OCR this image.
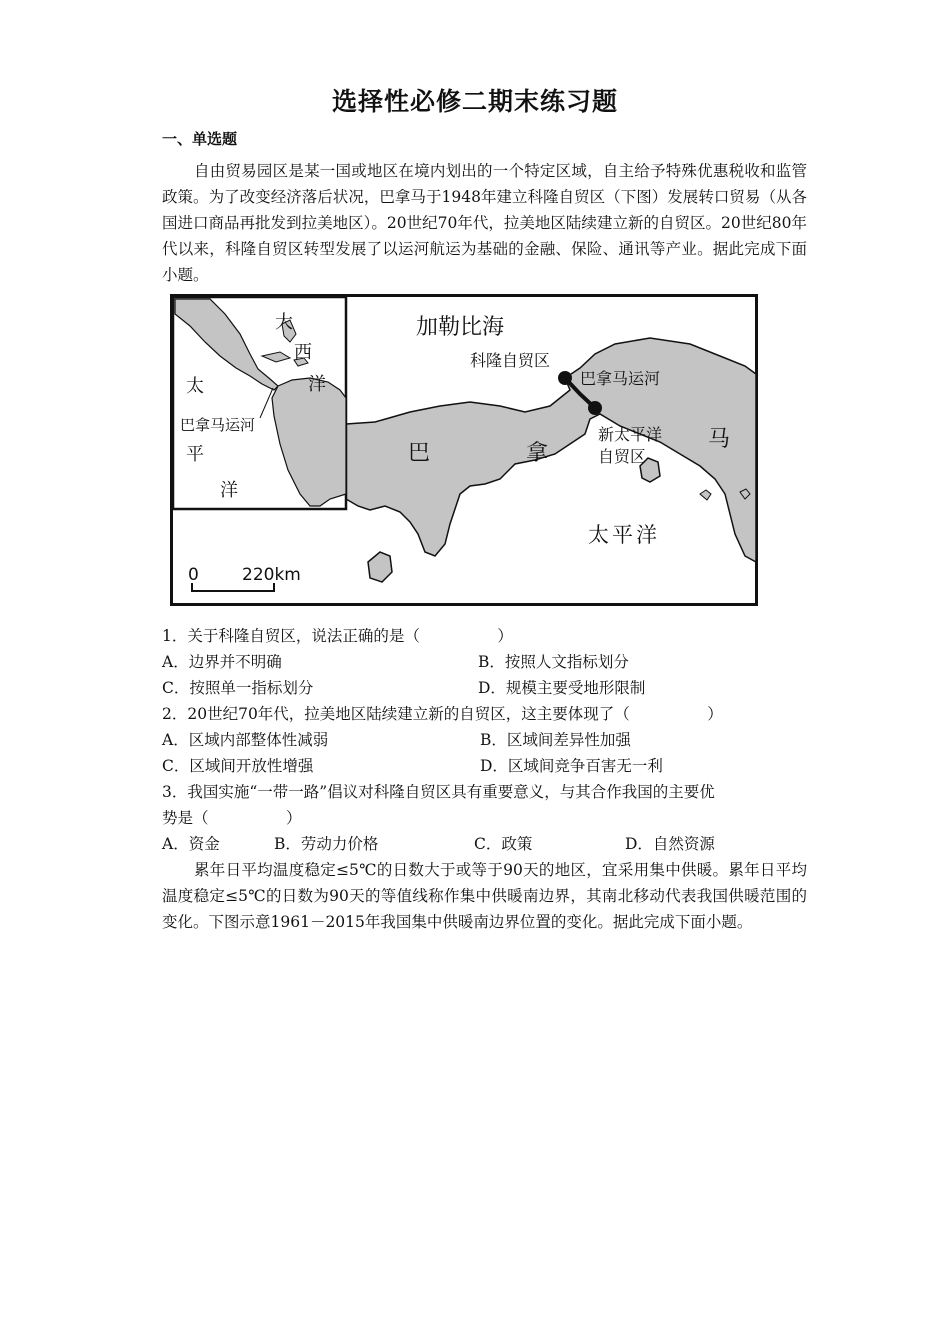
选择性必修二期末练习题
一、单选题

自由贸易园区是某一国或地区在境内划出的一个特定区域，自主给予特殊优惠税收和监管政策。为了改变经济落后状况，巴拿马于1948年建立科隆自贸区（下图）发展转口贸易（从各国进口商品再批发到拉美地区）。20世纪70年代，拉美地区陆续建立新的自贸区。20世纪80年代以来，科隆自贸区转型发展了以运河航运为基础的金融、保险、通讯等产业。据此完成下面小题。

加勒比海
科隆自贸区
巴拿马运河
新太平洋
自贸区
巴	拿
马
太平洋
大
西
洋
太
平
洋
巴拿马运河
0	220km
1．关于科隆自贸区，说法正确的是（　　　　　）
A．边界并不明确	B．按照人文指标划分
C．按照单一指标划分	D．规模主要受地形限制
2．20世纪70年代，拉美地区陆续建立新的自贸区，这主要体现了（　　　　　）
A．区域内部整体性减弱	B．区域间差异性加强
C．区域间开放性增强	D．区域间竞争百害无一利
3．我国实施“一带一路”倡议对科隆自贸区具有重要意义，与其合作我国的主要优
势是（　　　　　）
A．资金	B．劳动力价格	C．政策	D．自然资源

累年日平均温度稳定≤5℃的日数大于或等于90天的地区，宜采用集中供暖。累年日平均温度稳定≤5℃的日数为90天的等值线称作集中供暖南边界，其南北移动代表我国供暖范围的变化。下图示意1961－2015年我国集中供暖南边界位置的变化。据此完成下面小题。
